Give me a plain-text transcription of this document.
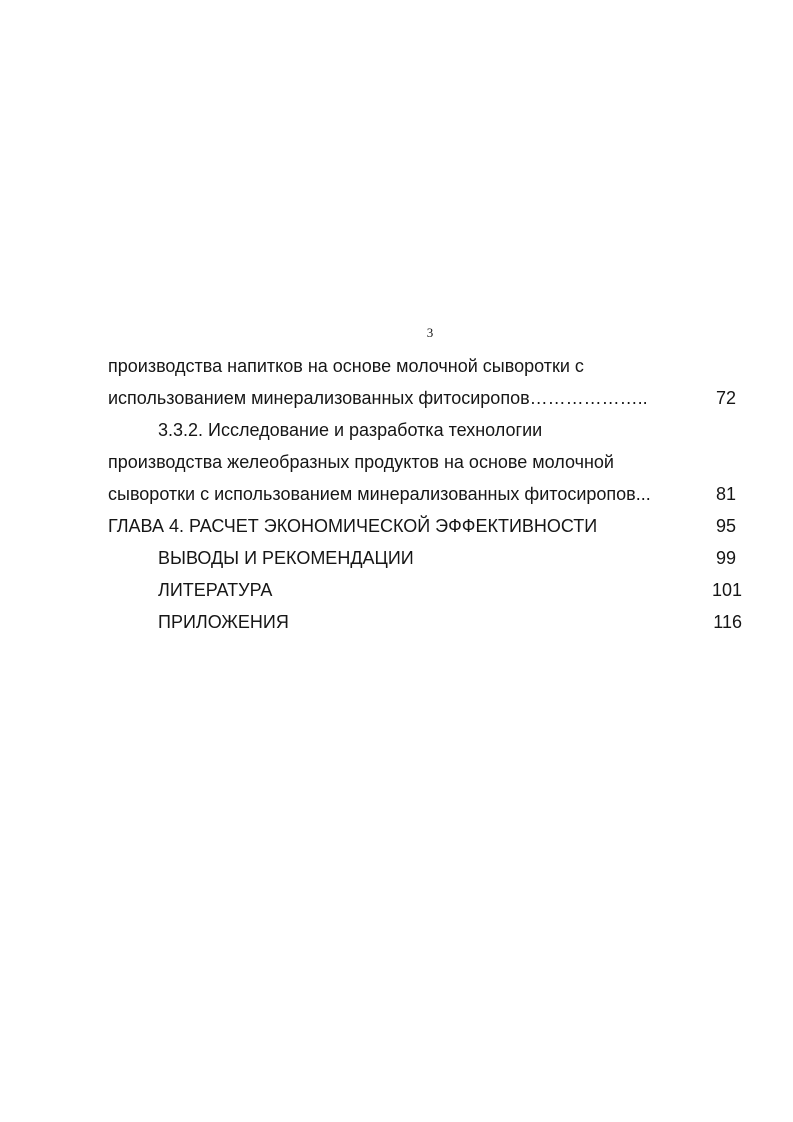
3
производства напитков на основе молочной сыворотки с
использованием минерализованных фитосиропов………………..	72
3.3.2. Исследование и разработка технологии
производства желеобразных продуктов на основе молочной
сыворотки с использованием минерализованных фитосиропов...	81
ГЛАВА 4. РАСЧЕТ ЭКОНОМИЧЕСКОЙ ЭФФЕКТИВНОСТИ	95
ВЫВОДЫ И РЕКОМЕНДАЦИИ	99
ЛИТЕРАТУРА	101
ПРИЛОЖЕНИЯ	116
